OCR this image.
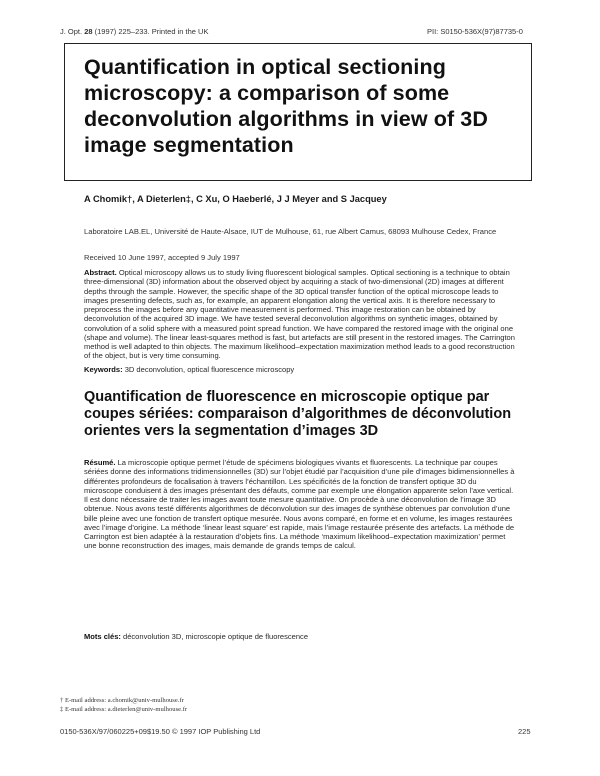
J. Opt. 28 (1997) 225–233. Printed in the UK	PII: S0150-536X(97)87735-0
Quantification in optical sectioning microscopy: a comparison of some deconvolution algorithms in view of 3D image segmentation
A Chomik†, A Dieterlen‡, C Xu, O Haeberlé, J J Meyer and S Jacquey
Laboratoire LAB.EL, Université de Haute-Alsace, IUT de Mulhouse, 61, rue Albert Camus, 68093 Mulhouse Cedex, France
Received 10 June 1997, accepted 9 July 1997
Abstract. Optical microscopy allows us to study living fluorescent biological samples. Optical sectioning is a technique to obtain three-dimensional (3D) information about the observed object by acquiring a stack of two-dimensional (2D) images at different depths through the sample. However, the specific shape of the 3D optical transfer function of the optical microscope leads to images presenting defects, such as, for example, an apparent elongation along the vertical axis. It is therefore necessary to preprocess the images before any quantitative measurement is performed. This image restoration can be obtained by deconvolution of the acquired 3D image. We have tested several deconvolution algorithms on synthetic images, obtained by convolution of a solid sphere with a measured point spread function. We have compared the restored image with the original one (shape and volume). The linear least-squares method is fast, but artefacts are still present in the restored images. The Carrington method is well adapted to thin objects. The maximum likelihood–expectation maximization method leads to a good reconstruction of the object, but is very time consuming.
Keywords: 3D deconvolution, optical fluorescence microscopy
Quantification de fluorescence en microscopie optique par coupes sériées: comparaison d’algorithmes de déconvolution orientes vers la segmentation d’images 3D
Résumé. La microscopie optique permet l’étude de spécimens biologiques vivants et fluorescents. La technique par coupes sériées donne des informations tridimensionnelles (3D) sur l’objet étudié par l’acquisition d’une pile d’images bidimensionnelles à différentes profondeurs de focalisation à travers l’échantillon. Les spécificités de la fonction de transfert optique 3D du microscope conduisent à des images présentant des défauts, comme par exemple une élongation apparente selon l’axe vertical. Il est donc nécessaire de traiter les images avant toute mesure quantitative. On procède à une déconvolution de l’image 3D obtenue. Nous avons testé différents algorithmes de déconvolution sur des images de synthèse obtenues par convolution d’une bille pleine avec une fonction de transfert optique mesurée. Nous avons comparé, en forme et en volume, les images restaurées avec l’image d’origine. La méthode ‘linear least square’ est rapide, mais l’image restaurée présente des artefacts. La méthode de Carrington est bien adaptée à la restauration d’objets fins. La méthode ‘maximum likelihood–expectation maximization’ permet une bonne reconstruction des images, mais demande de grands temps de calcul.
Mots clés: déconvolution 3D, microscopie optique de fluorescence
† E-mail address: a.chomik@univ-mulhouse.fr
‡ E-mail address: a.dieterlen@univ-mulhouse.fr
0150-536X/97/060225+09$19.50 © 1997 IOP Publishing Ltd	225
